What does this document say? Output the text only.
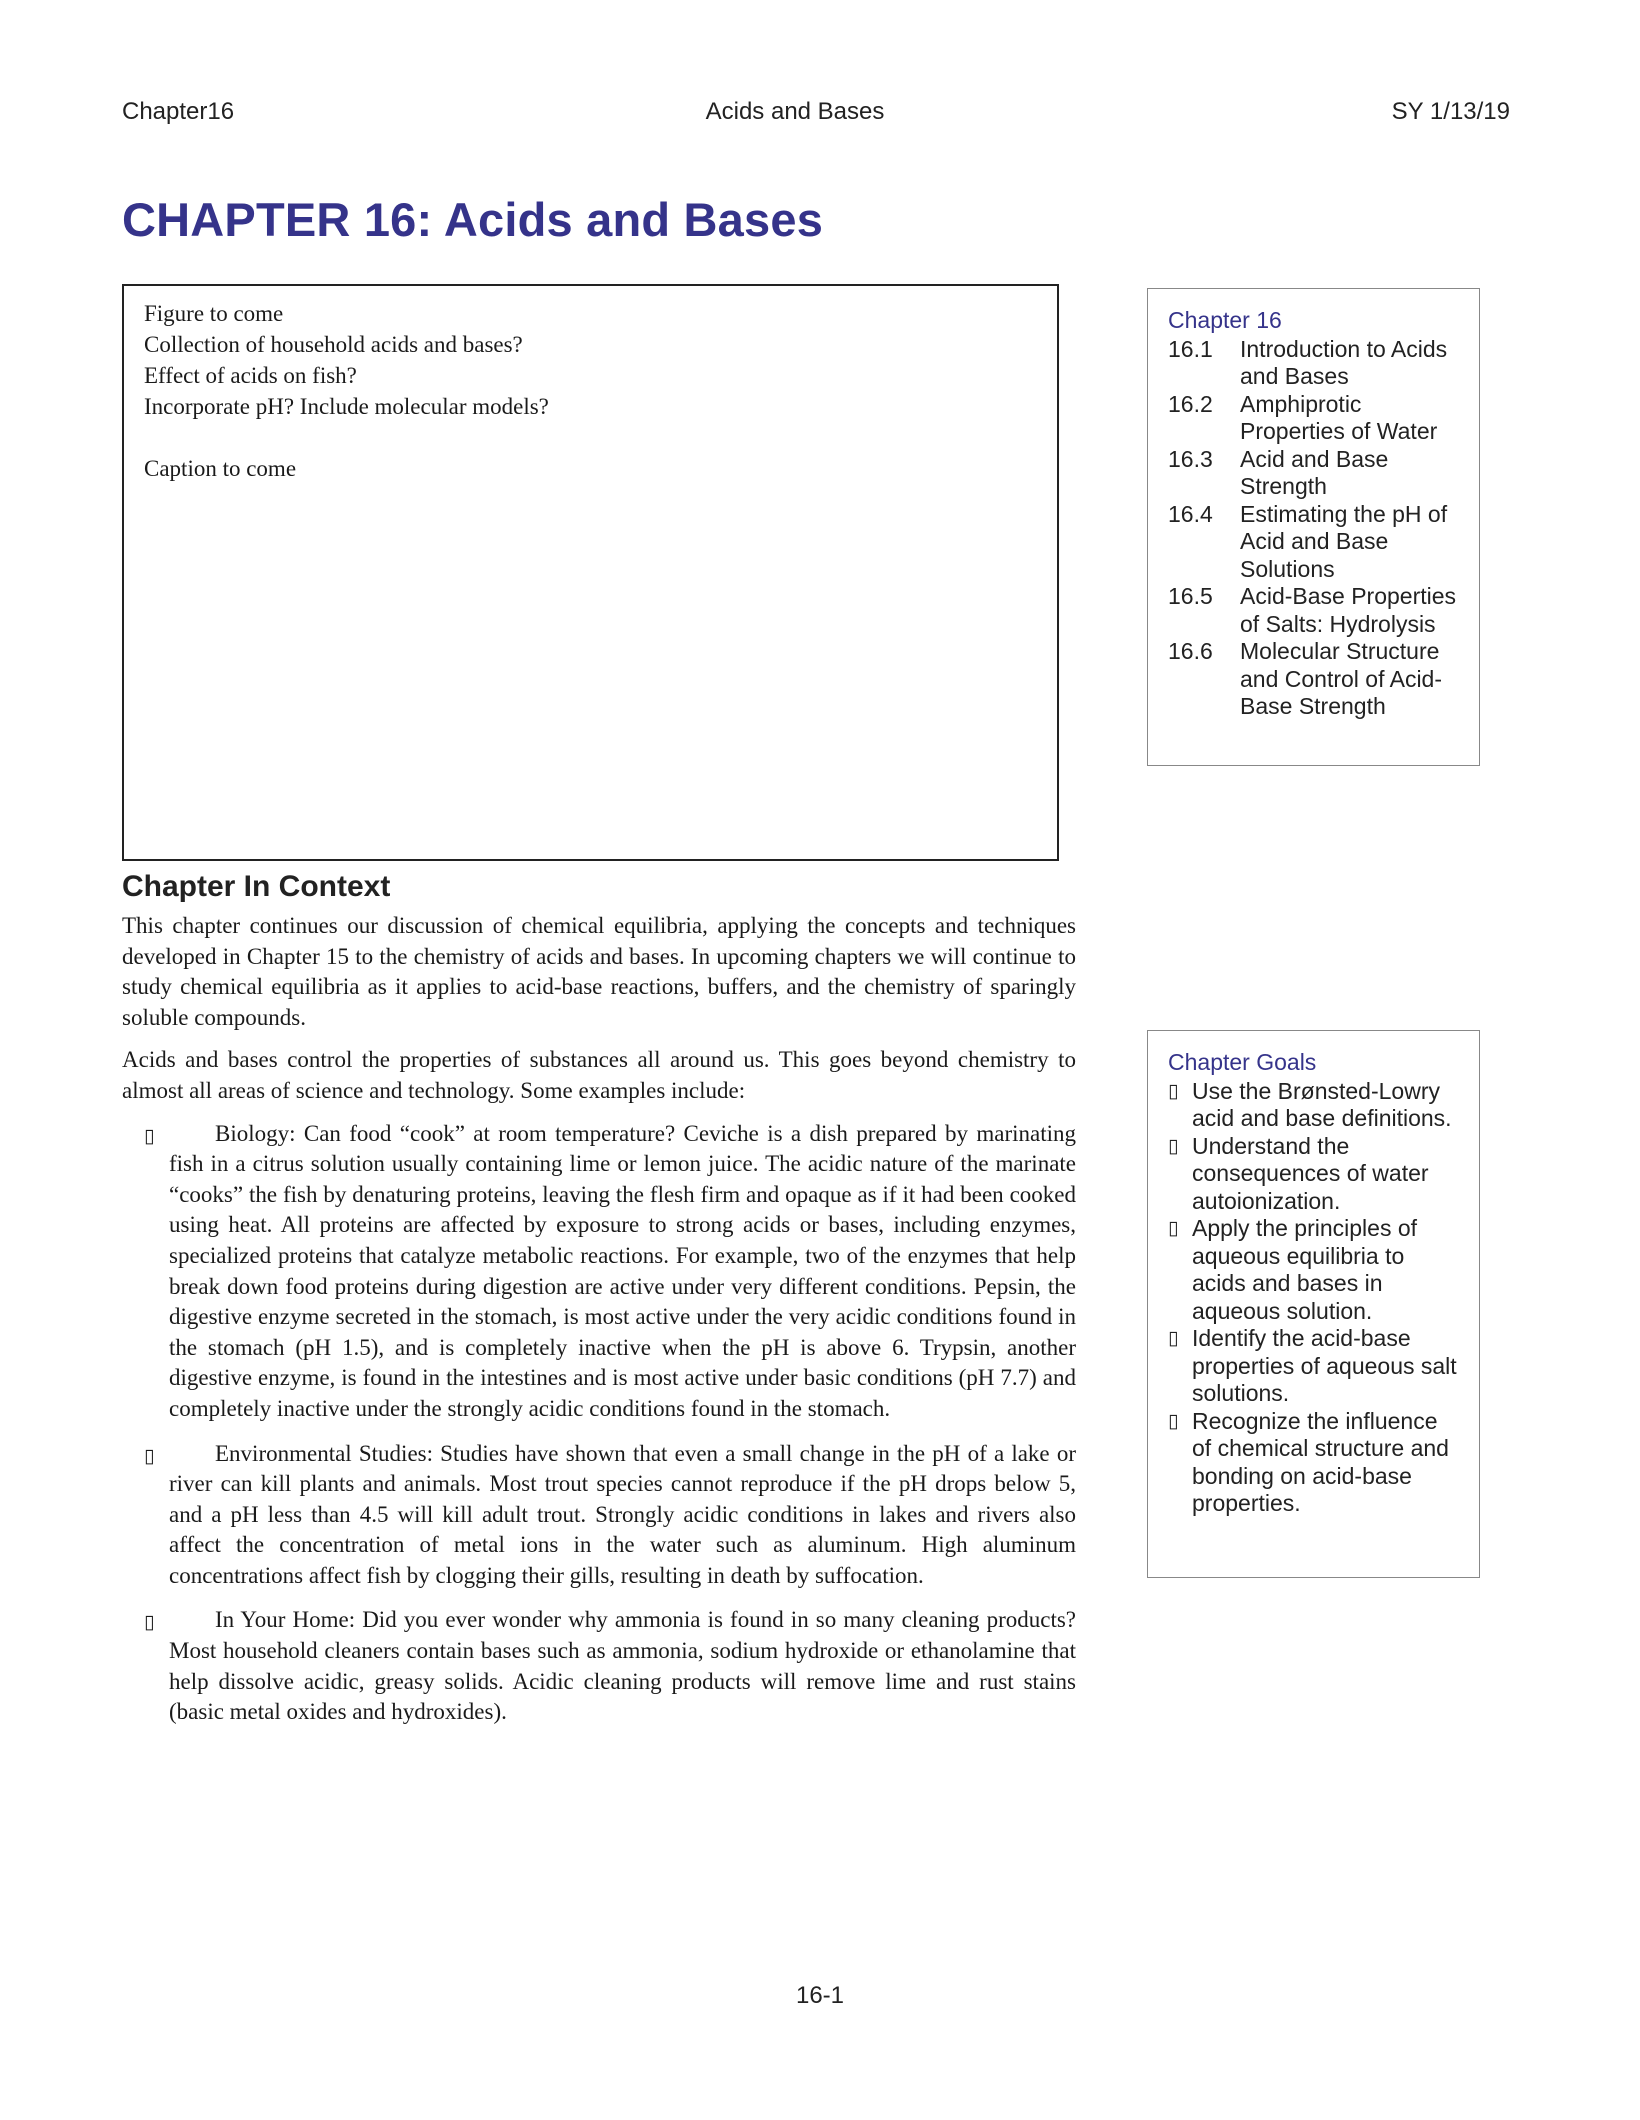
Chapter16	Acids and Bases	SY 1/13/19
CHAPTER 16: Acids and Bases

Figure to come

Collection of household acids and bases?

Effect of acids on fish?

Incorporate pH? Include molecular models?

Caption to come

Chapter 16
16.1	Introduction to Acids and Bases
16.2	Amphiprotic Properties of Water
16.3	Acid and Base Strength
16.4	Estimating the pH of Acid and Base Solutions
16.5	Acid-Base Properties of Salts: Hydrolysis
16.6	Molecular Structure and Control of Acid-Base Strength
Chapter In Context

This chapter continues our discussion of chemical equilibria, applying the concepts and techniques developed in Chapter 15 to the chemistry of acids and bases. In upcoming chapters we will continue to study chemical equilibria as it applies to acid-base reactions, buffers, and the chemistry of sparingly soluble compounds.

Acids and bases control the properties of substances all around us. This goes beyond chemistry to almost all areas of science and technology. Some examples include:

▯	Biology: Can food “cook” at room temperature? Ceviche is a dish prepared by marinating fish in a citrus solution usually containing lime or lemon juice. The acidic nature of the marinate “cooks” the fish by denaturing proteins, leaving the flesh firm and opaque as if it had been cooked using heat. All proteins are affected by exposure to strong acids or bases, including enzymes, specialized proteins that catalyze metabolic reactions. For example, two of the enzymes that help break down food proteins during digestion are active under very different conditions. Pepsin, the digestive enzyme secreted in the stomach, is most active under the very acidic conditions found in the stomach (pH 1.5), and is completely inactive when the pH is above 6. Trypsin, another digestive enzyme, is found in the intestines and is most active under basic conditions (pH 7.7) and completely inactive under the strongly acidic conditions found in the stomach.
▯	Environmental Studies: Studies have shown that even a small change in the pH of a lake or river can kill plants and animals. Most trout species cannot reproduce if the pH drops below 5, and a pH less than 4.5 will kill adult trout. Strongly acidic conditions in lakes and rivers also affect the concentration of metal ions in the water such as aluminum. High aluminum concentrations affect fish by clogging their gills, resulting in death by suffocation.
▯	In Your Home: Did you ever wonder why ammonia is found in so many cleaning products? Most household cleaners contain bases such as ammonia, sodium hydroxide or ethanolamine that help dissolve acidic, greasy solids. Acidic cleaning products will remove lime and rust stains (basic metal oxides and hydroxides).
Chapter Goals
▯ Use the Brønsted-Lowry acid and base definitions.
▯ Understand the consequences of water autoionization.
▯ Apply the principles of aqueous equilibria to acids and bases in aqueous solution.
▯ Identify the acid-base properties of aqueous salt solutions.
▯ Recognize the influence of chemical structure and bonding on acid-base properties.
16-1
